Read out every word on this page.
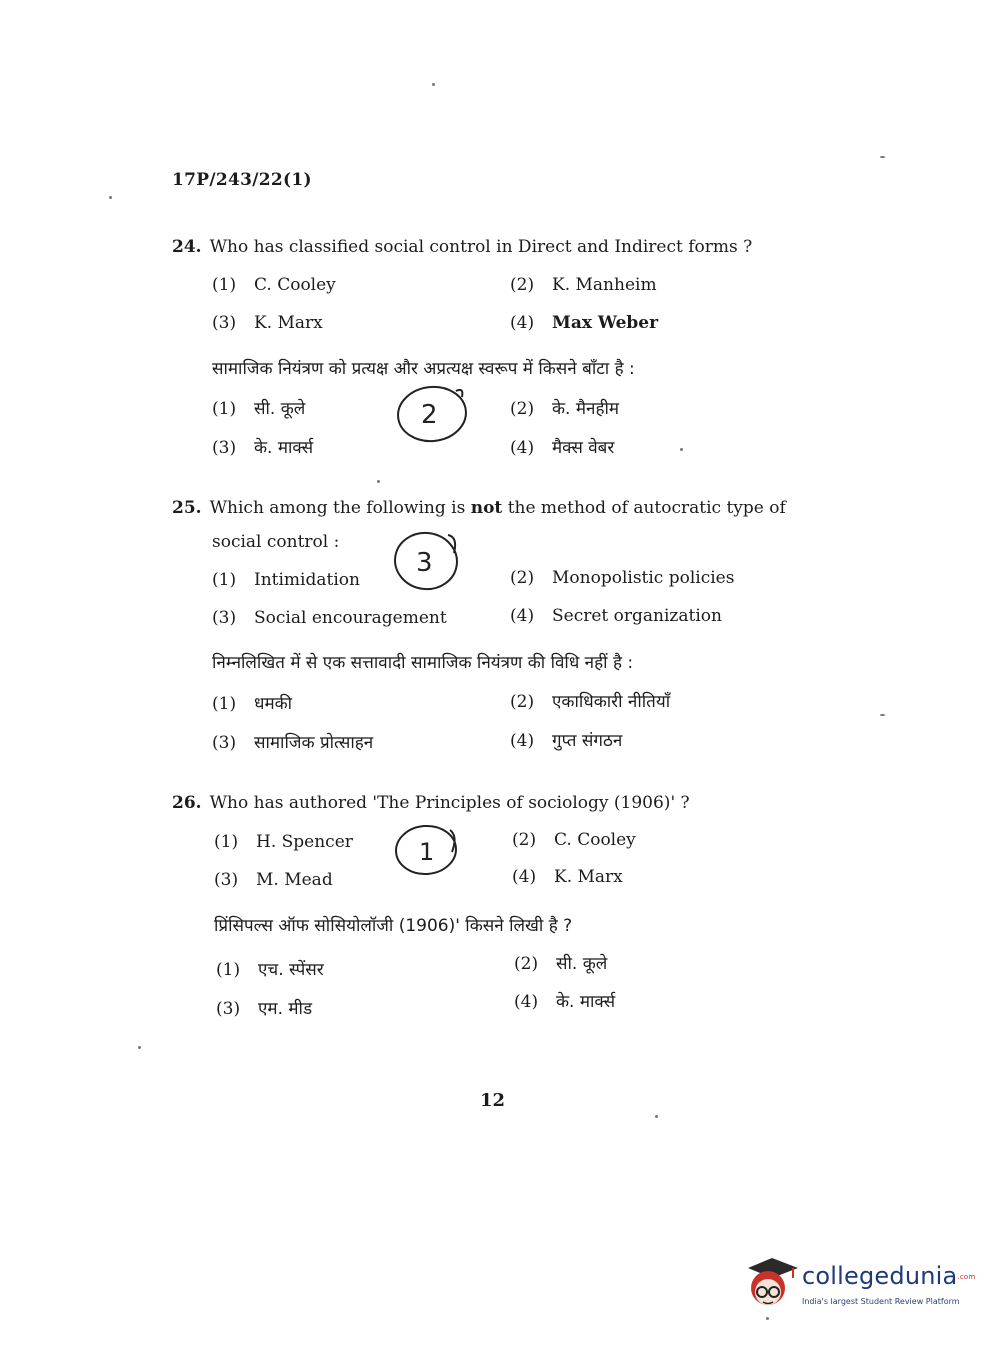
17P/243/22(1)
24. Who has classified social control in Direct and Indirect forms ?
(1) C. Cooley	(2) K. Manheim
(3) K. Marx	(4) Max Weber
सामाजिक नियंत्रण को प्रत्यक्ष और अप्रत्यक्ष स्वरूप में किसने बाँटा है :
(1) सी. कूले	(2) के. मैनहीम
(3) के. मार्क्स	(4) मैक्स वेबर
2
25. Which among the following is not the method of autocratic type of
social control :
(1) Intimidation	(2) Monopolistic policies
(3) Social encouragement	(4) Secret organization
निम्नलिखित में से एक सत्तावादी सामाजिक नियंत्रण की विधि नहीं है :
(1) धमकी	(2) एकाधिकारी नीतियाँ
(3) सामाजिक प्रोत्साहन	(4) गुप्त संगठन
3
26. Who has authored 'The Principles of sociology (1906)' ?
(1) H. Spencer	(2) C. Cooley
(3) M. Mead	(4) K. Marx
प्रिंसिपल्स ऑफ सोसियोलॉजी (1906)' किसने लिखी है ?
(1) एच. स्पेंसर	(2) सी. कूले
(3) एम. मीड	(4) के. मार्क्स
1
12
collegedunia.com
India's largest Student Review Platform
